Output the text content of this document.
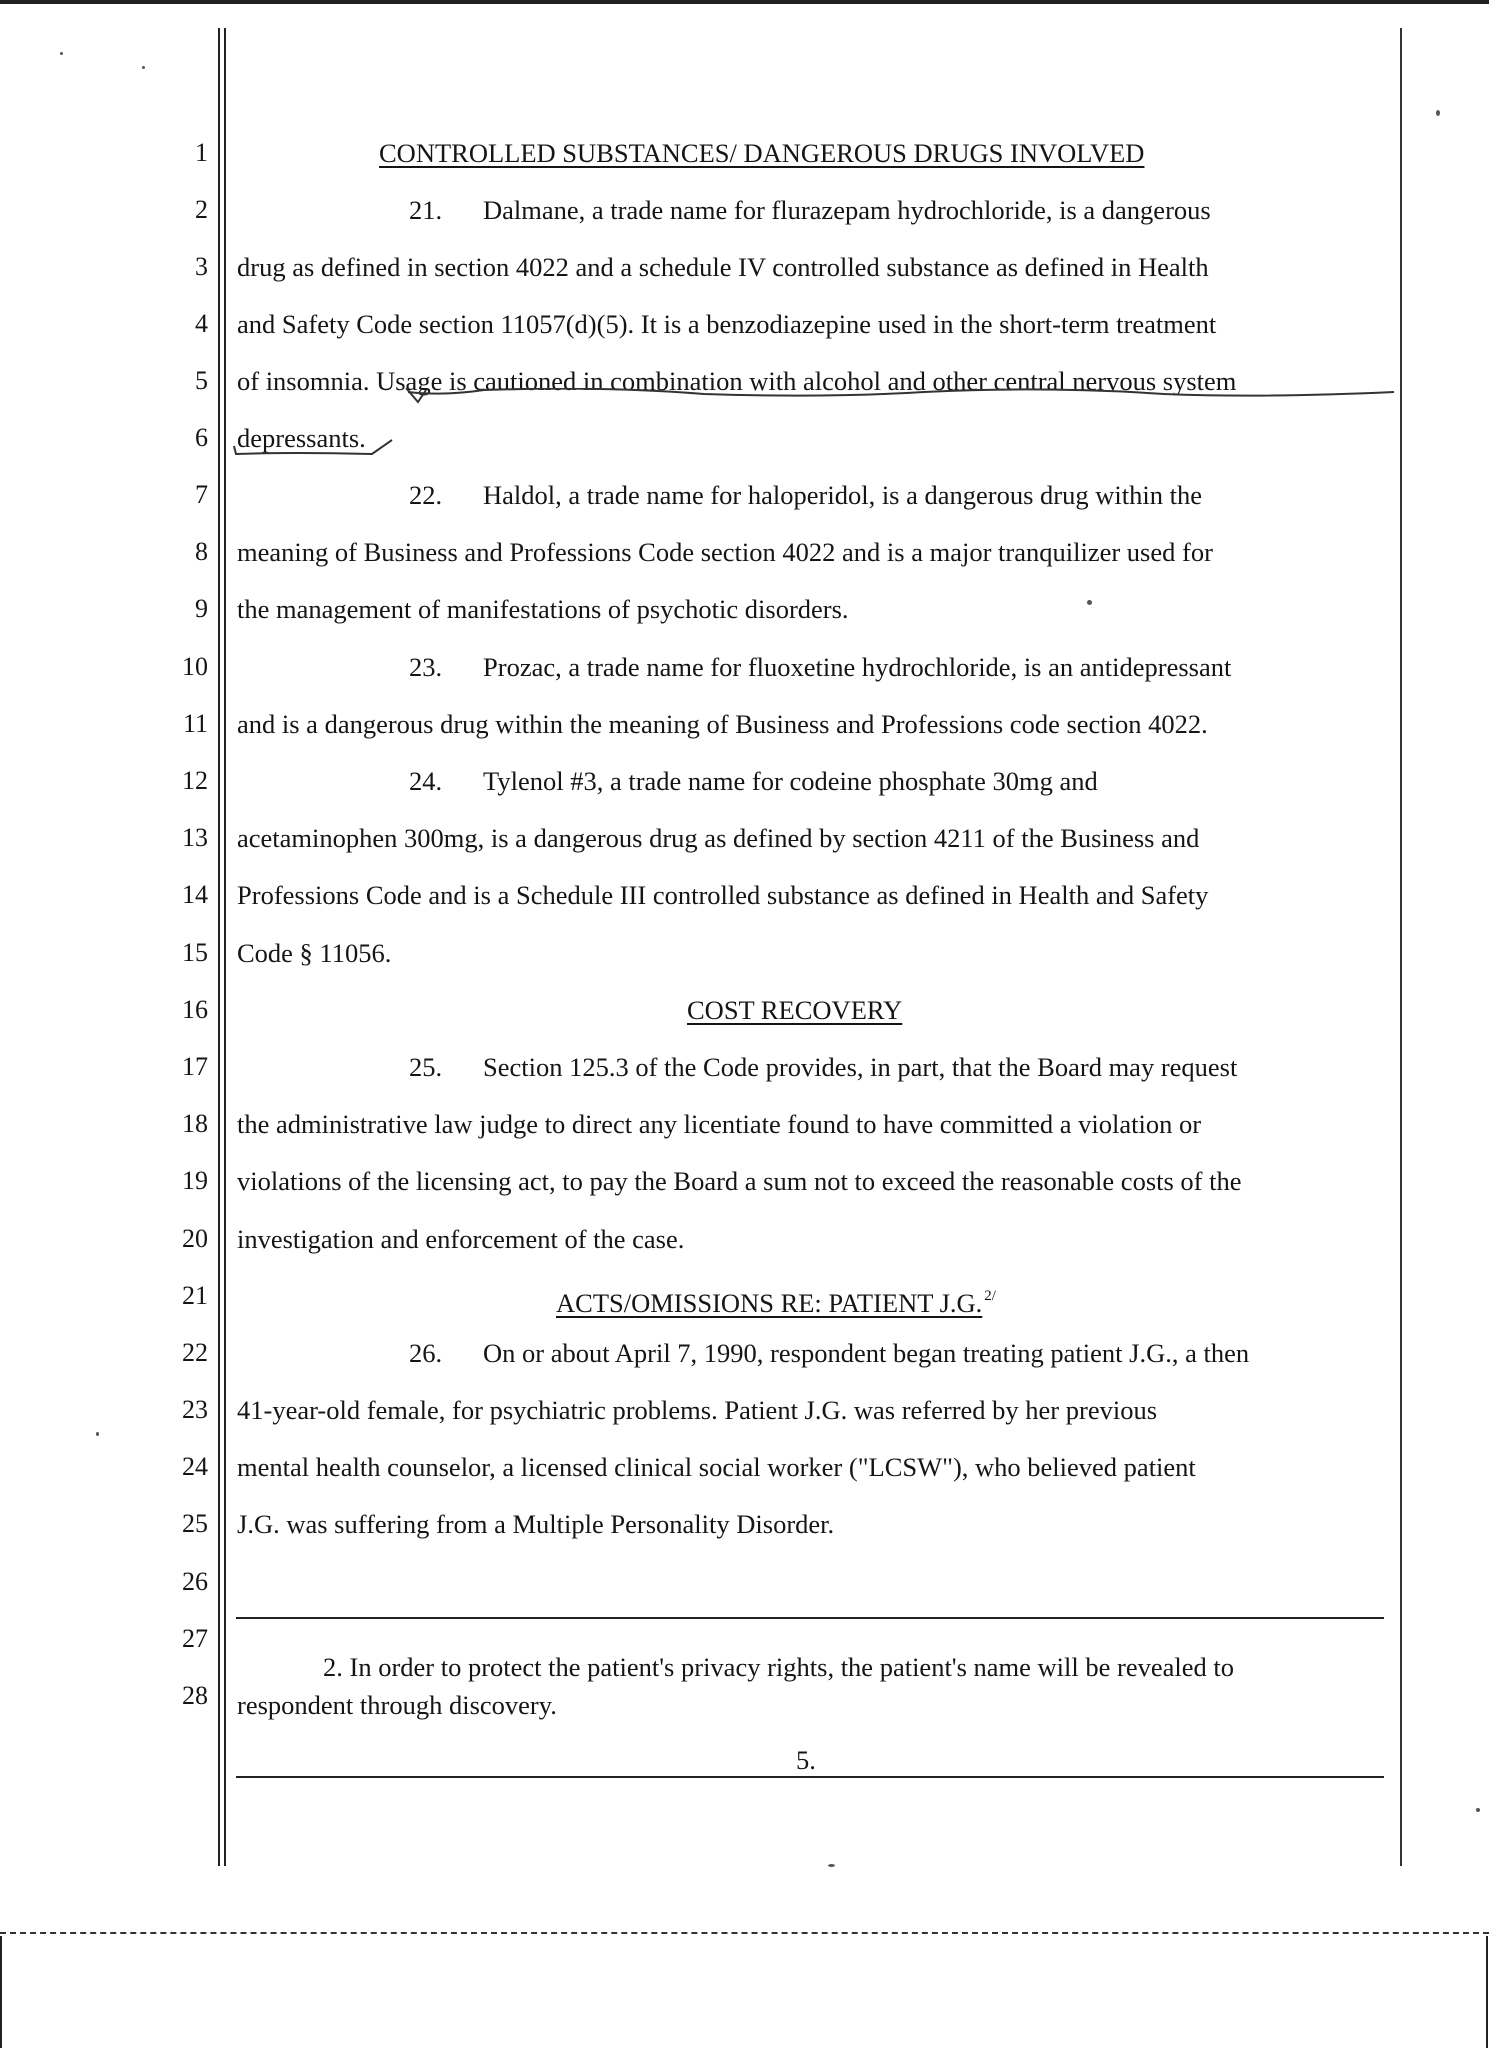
1
2
3
4
5
6
7
8
9
10
11
12
13
14
15
16
17
18
19
20
21
22
23
24
25
26
27
28
CONTROLLED SUBSTANCES/ DANGEROUS DRUGS INVOLVED
21. Dalmane, a trade name for flurazepam hydrochloride, is a dangerous
drug as defined in section 4022 and a schedule IV controlled substance as defined in Health
and Safety Code section 11057(d)(5). It is a benzodiazepine used in the short-term treatment
of insomnia. Usage is cautioned in combination with alcohol and other central nervous system
depressants.
22. Haldol, a trade name for haloperidol, is a dangerous drug within the
meaning of Business and Professions Code section 4022 and is a major tranquilizer used for
the management of manifestations of psychotic disorders.
23. Prozac, a trade name for fluoxetine hydrochloride, is an antidepressant
and is a dangerous drug within the meaning of Business and Professions code section 4022.
24. Tylenol #3, a trade name for codeine phosphate 30mg and
acetaminophen 300mg, is a dangerous drug as defined by section 4211 of the Business and
Professions Code and is a Schedule III controlled substance as defined in Health and Safety
Code § 11056.
COST RECOVERY
25. Section 125.3 of the Code provides, in part, that the Board may request
the administrative law judge to direct any licentiate found to have committed a violation or
violations of the licensing act, to pay the Board a sum not to exceed the reasonable costs of the
investigation and enforcement of the case.
ACTS/OMISSIONS RE: PATIENT J.G. $^{2/}$
26. On or about April 7, 1990, respondent began treating patient J.G., a then
41-year-old female, for psychiatric problems. Patient J.G. was referred by her previous
mental health counselor, a licensed clinical social worker ("LCSW"), who believed patient
J.G. was suffering from a Multiple Personality Disorder.
2. In order to protect the patient's privacy rights, the patient's name will be revealed to
respondent through discovery.
5.
